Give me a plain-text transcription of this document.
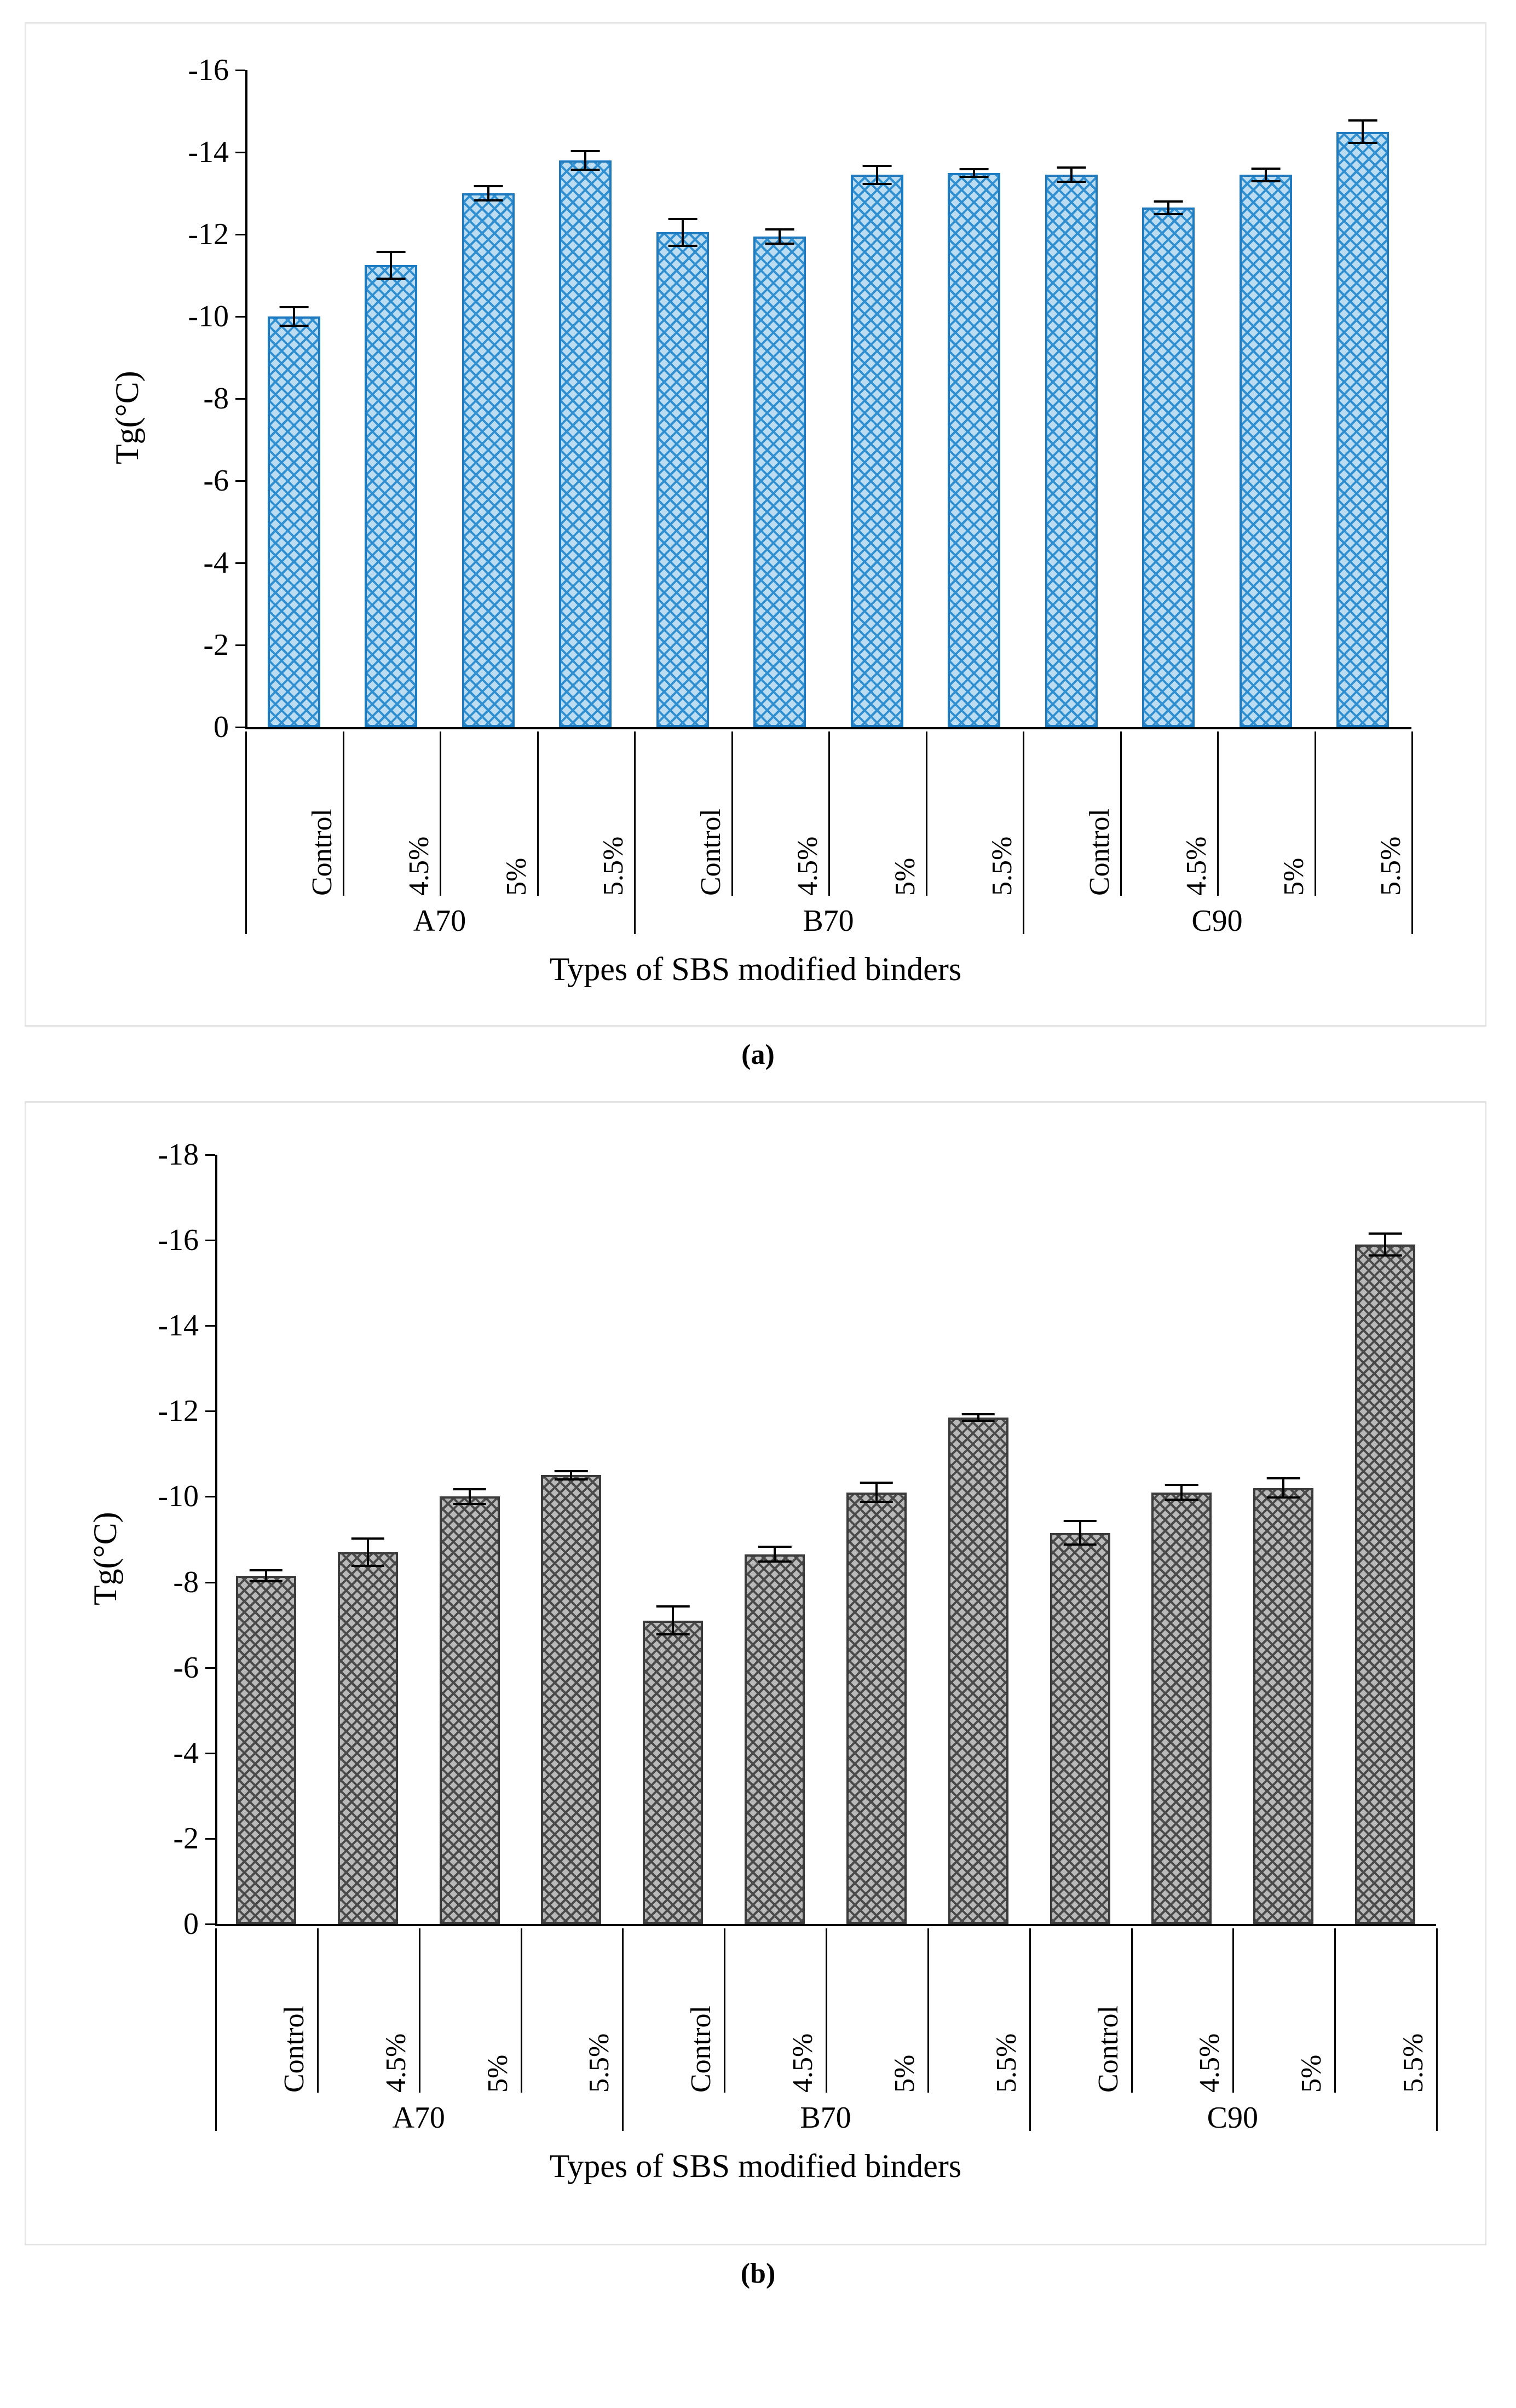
Tg(°C)
0
-2
-4
-6
-8
-10
-12
-14
-16
Control 4.5% 5% 5.5% Control 4.5% 5% 5.5% Control 4.5% 5% 5.5%
A70	B70	C90
Types of SBS modified binders
(a)
Tg(°C)
0
-2
-4
-6
-8
-10
-12
-14
-16
-18
Control 4.5% 5% 5.5% Control 4.5% 5% 5.5% Control 4.5% 5% 5.5%
A70	B70	C90
Types of SBS modified binders
(b)
